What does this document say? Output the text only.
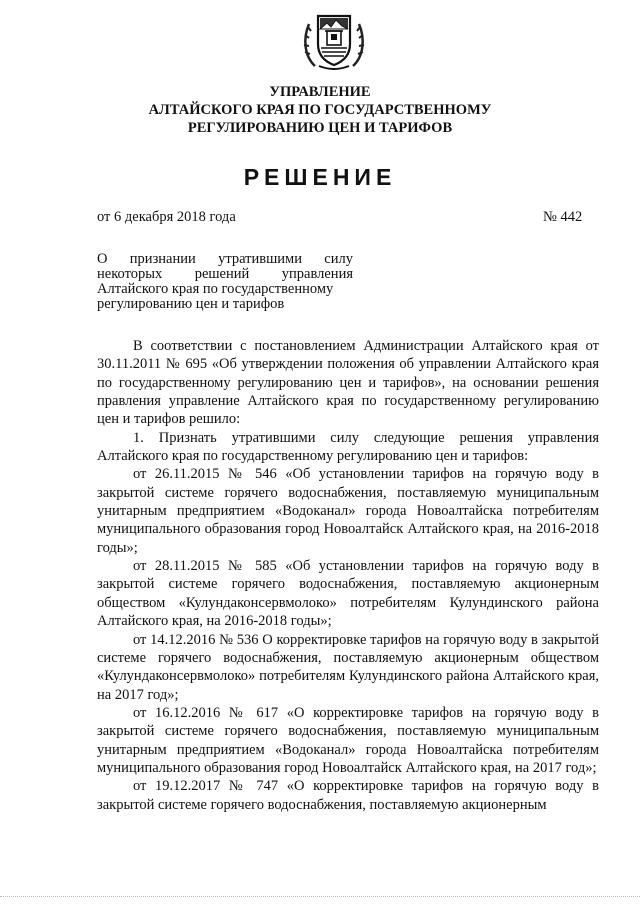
УПРАВЛЕНИЕ
АЛТАЙСКОГО КРАЯ ПО ГОСУДАРСТВЕННОМУ
РЕГУЛИРОВАНИЮ ЦЕН И ТАРИФОВ
РЕШЕНИЕ
от 6 декабря 2018 года	№ 442
О признании утратившими силу
некоторых решений управления
Алтайского края по государственному
регулированию цен и тарифов

В соответствии с постановлением Администрации Алтайского края от 30.11.2011 № 695 «Об утверждении положения об управлении Алтайского края по государственному регулированию цен и тарифов», на основании решения правления управление Алтайского края по государственному регулированию цен и тарифов решило:

1. Признать утратившими силу следующие решения управления Алтайского края по государственному регулированию цен и тарифов:

от 26.11.2015 № 546 «Об установлении тарифов на горячую воду в закрытой системе горячего водоснабжения, поставляемую муниципальным унитарным предприятием «Водоканал» города Новоалтайска потребителям муниципального образования город Новоалтайск Алтайского края, на 2016-2018 годы»;

от 28.11.2015 № 585 «Об установлении тарифов на горячую воду в закрытой системе горячего водоснабжения, поставляемую акционерным обществом «Кулундаконсервмолоко» потребителям Кулундинского района Алтайского края, на 2016-2018 годы»;

от 14.12.2016 № 536 О корректировке тарифов на горячую воду в закрытой системе горячего водоснабжения, поставляемую акционерным обществом «Кулундаконсервмолоко» потребителям Кулундинского района Алтайского края, на 2017 год»;

от 16.12.2016 № 617 «О корректировке тарифов на горячую воду в закрытой системе горячего водоснабжения, поставляемую муниципальным унитарным предприятием «Водоканал» города Новоалтайска потребителям муниципального образования город Новоалтайск Алтайского края, на 2017 год»;

от 19.12.2017 № 747 «О корректировке тарифов на горячую воду в закрытой системе горячего водоснабжения, поставляемую акционерным
